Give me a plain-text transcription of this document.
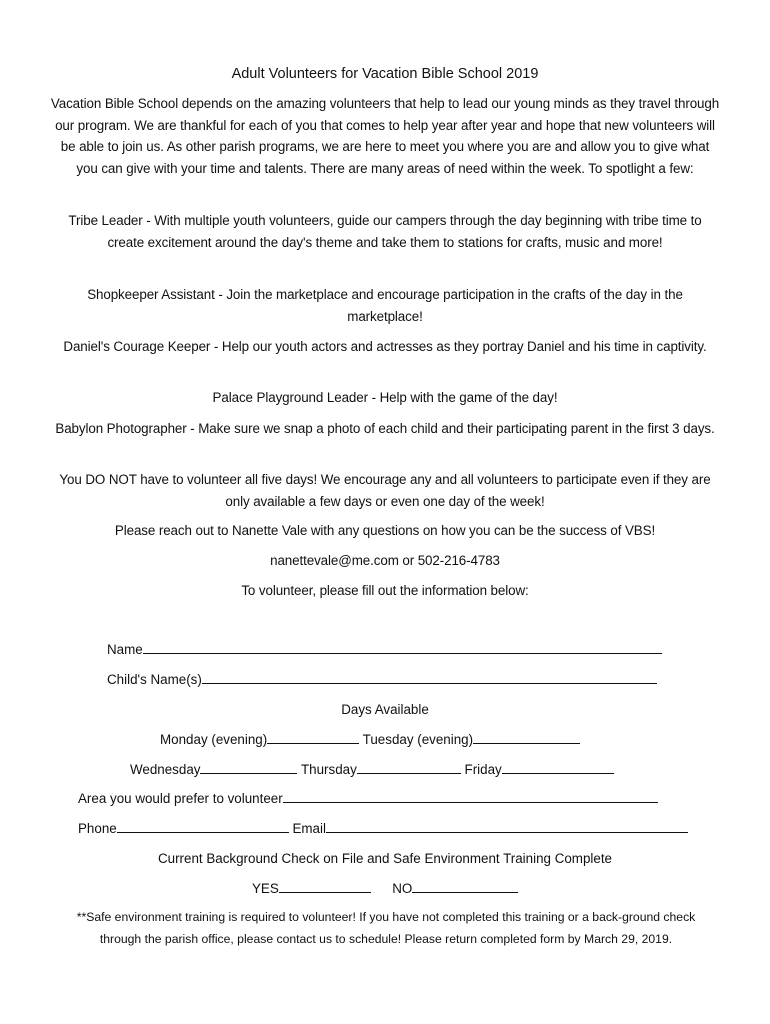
Adult Volunteers for Vacation Bible School 2019
Vacation Bible School depends on the amazing volunteers that help to lead our young minds as they travel through our program. We are thankful for each of you that comes to help year after year and hope that new volunteers will be able to join us. As other parish programs, we are here to meet you where you are and allow you to give what you can give with your time and talents. There are many areas of need within the week. To spotlight a few:
Tribe Leader - With multiple youth volunteers, guide our campers through the day beginning with tribe time to create excitement around the day's theme and take them to stations for crafts, music and more!
Shopkeeper Assistant - Join the marketplace and encourage participation in the crafts of the day in the marketplace!
Daniel's Courage Keeper - Help our youth actors and actresses as they portray Daniel and his time in captivity.
Palace Playground Leader - Help with the game of the day!
Babylon Photographer - Make sure we snap a photo of each child and their participating parent in the first 3 days.
You DO NOT have to volunteer all five days! We encourage any and all volunteers to participate even if they are only available a few days or even one day of the week!
Please reach out to Nanette Vale with any questions on how you can be the success of VBS!
nanettevale@me.com or 502-216-4783
To volunteer, please fill out the information below:
Name
Child's Name(s)
Days Available
Monday (evening)	Tuesday (evening)
Wednesday	Thursday	Friday
Area you would prefer to volunteer
Phone	Email
Current Background Check on File and Safe Environment Training Complete
YES	NO
**Safe environment training is required to volunteer! If you have not completed this training or a back-ground check through the parish office, please contact us to schedule! Please return completed form by March 29, 2019.
